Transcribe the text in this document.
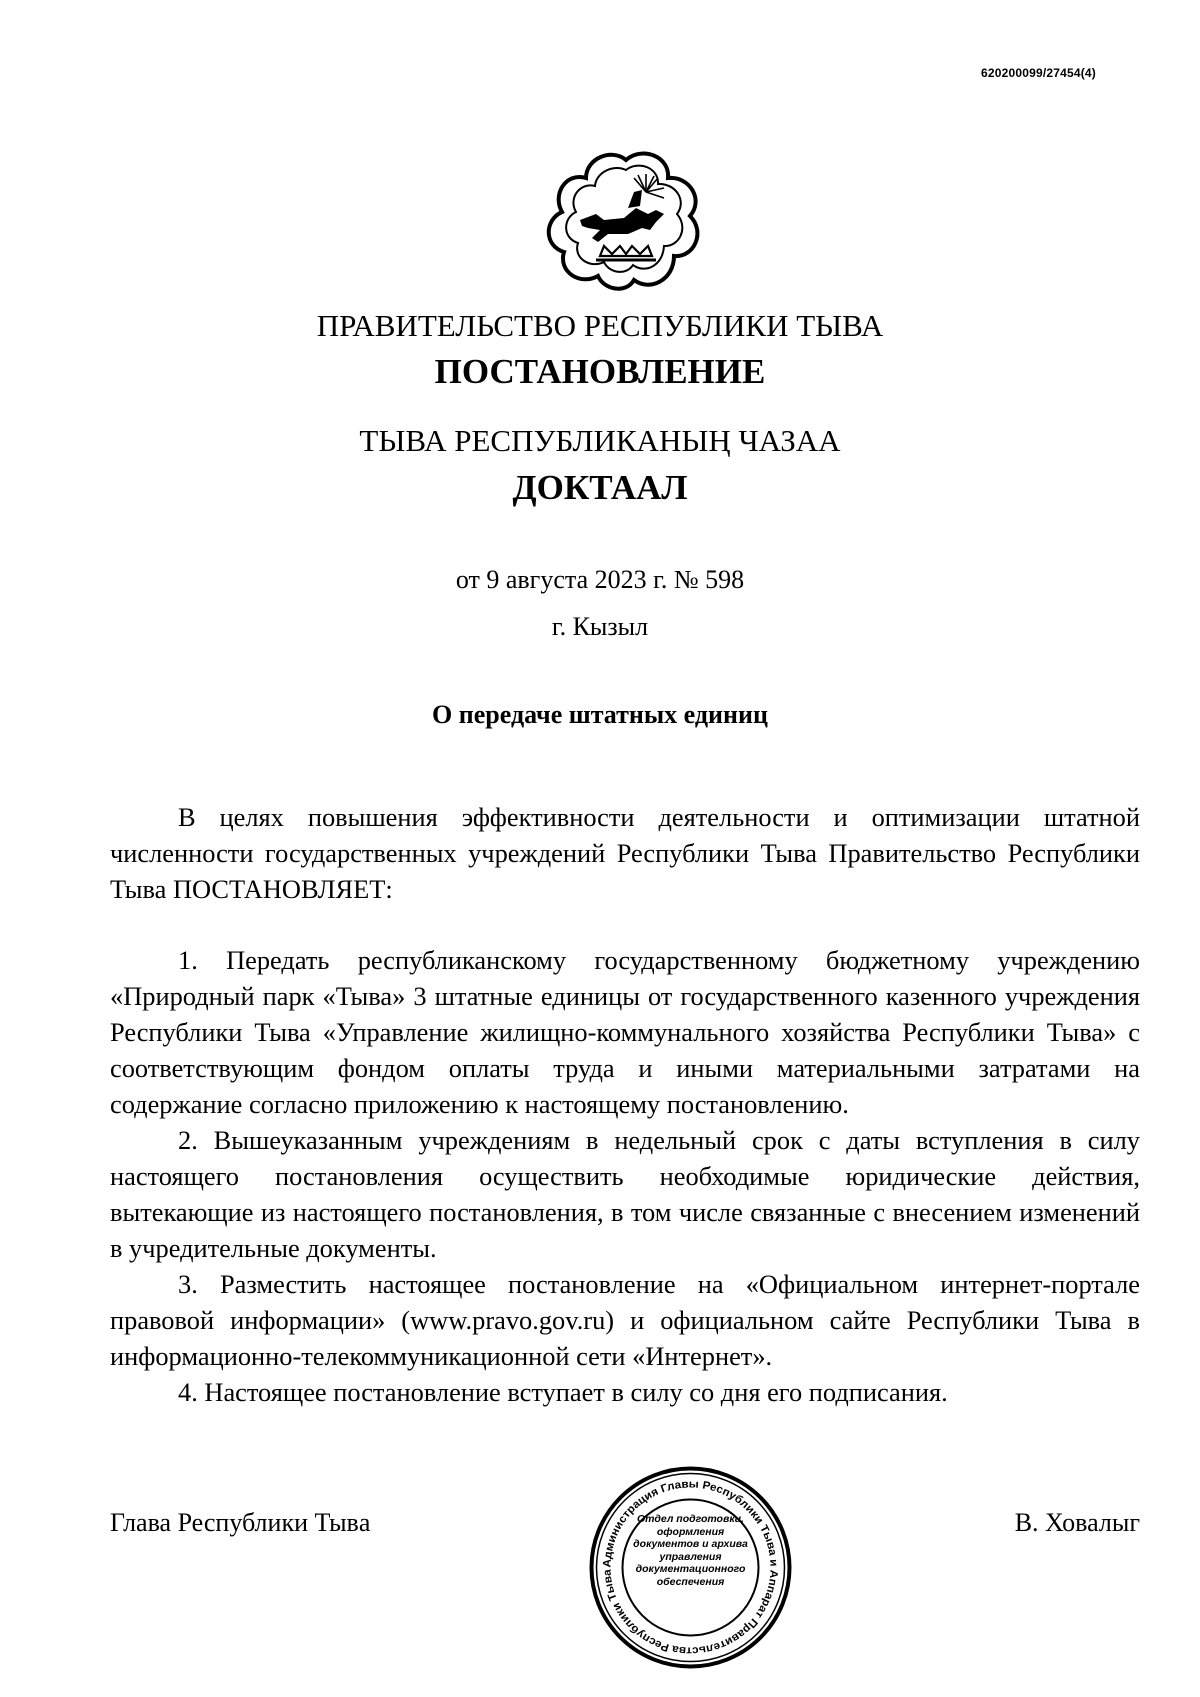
620200099/27454(4)
ПРАВИТЕЛЬСТВО РЕСПУБЛИКИ ТЫВА
ПОСТАНОВЛЕНИЕ
ТЫВА РЕСПУБЛИКАНЫҢ ЧАЗАА
ДОКТААЛ
от 9 августа 2023 г. № 598
г. Кызыл
О передаче штатных единиц

В целях повышения эффективности деятельности и оптимизации штатной численности государственных учреждений Республики Тыва Правительство Республики Тыва ПОСТАНОВЛЯЕТ:

1. Передать республиканскому государственному бюджетному учреждению «Природный парк «Тыва» 3 штатные единицы от государственного казенного учреждения Республики Тыва «Управление жилищно-коммунального хозяйства Республики Тыва» с соответствующим фондом оплаты труда и иными материальными затратами на содержание согласно приложению к настоящему постановлению.

2. Вышеуказанным учреждениям в недельный срок с даты вступления в силу настоящего постановления осуществить необходимые юридические действия, вытекающие из настоящего постановления, в том числе связанные с внесением изменений в учредительные документы.

3. Разместить настоящее постановление на «Официальном интернет-портале правовой информации» (www.pravo.gov.ru) и официальном сайте Республики Тыва в информационно-телекоммуникационной сети «Интернет».

4. Настоящее постановление вступает в силу со дня его подписания.

Глава Республики Тывa	В. Ховалыг
Администрация Главы Республики Тыва и Аппарат Правительства Республики Тыва
Отдел подготовки, оформления документов и архива управления документационного обеспечения
